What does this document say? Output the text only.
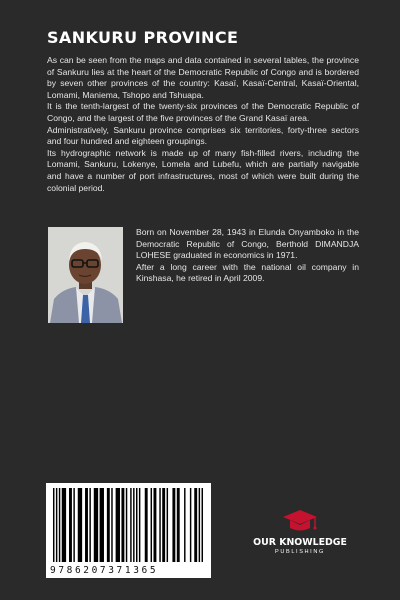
SANKURU PROVINCE

As can be seen from the maps and data contained in several tables, the province of Sankuru lies at the heart of the Democratic Republic of Congo and is bordered by seven other provinces of the country: Kasaï, Kasaï-Central, Kasaï-Oriental, Lomami, Maniema, Tshopo and Tshuapa.

It is the tenth-largest of the twenty-six provinces of the Democratic Republic of Congo, and the largest of the five provinces of the Grand Kasaï area.

Administratively, Sankuru province comprises six territories, forty-three sectors and four hundred and eighteen groupings.

Its hydrographic network is made up of many fish-filled rivers, including the Lomami, Sankuru, Lokenye, Lomela and Lubefu, which are partially navigable and have a number of port infrastructures, most of which were built during the colonial period.

Born on November 28, 1943 in Elunda Onyamboko in the Democratic Republic of Congo, Berthold DIMANDJA LOHESE graduated in economics in 1971.

After a long career with the national oil company in Kinshasa, he retired in April 2009.

9786207371365
OUR KNOWLEDGE
PUBLISHING
